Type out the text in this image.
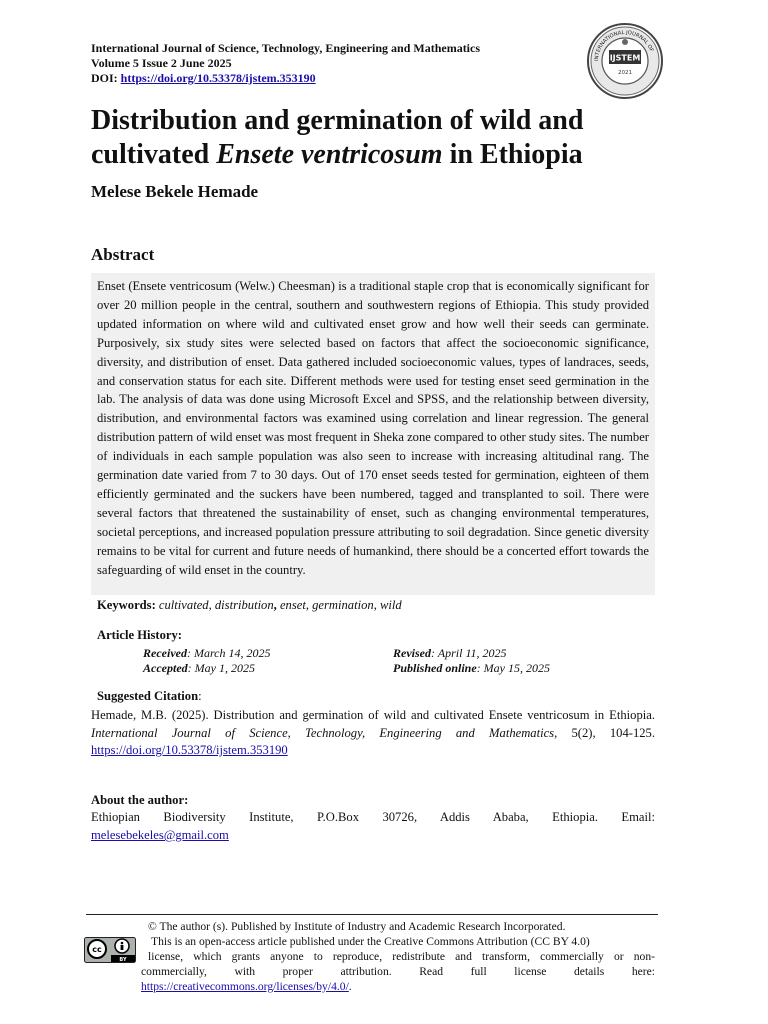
International Journal of Science, Technology, Engineering and Mathematics
Volume 5 Issue 2 June 2025
DOI: https://doi.org/10.53378/ijstem.353190
INTERNATIONAL JOURNAL OF
IJSTEM
2021
Distribution and germination of wild and cultivated Ensete ventricosum in Ethiopia

Melese Bekele Hemade

Abstract
Enset (Ensete ventricosum (Welw.) Cheesman) is a traditional staple crop that is economically significant for over 20 million people in the central, southern and southwestern regions of Ethiopia. This study provided updated information on where wild and cultivated enset grow and how well their seeds can germinate. Purposively, six study sites were selected based on factors that affect the socioeconomic significance, diversity, and distribution of enset. Data gathered included socioeconomic values, types of landraces, seeds, and conservation status for each site. Different methods were used for testing enset seed germination in the lab. The analysis of data was done using Microsoft Excel and SPSS, and the relationship between diversity, distribution, and environmental factors was examined using correlation and linear regression. The general distribution pattern of wild enset was most frequent in Sheka zone compared to other study sites. The number of individuals in each sample population was also seen to increase with increasing altitudinal rang. The germination date varied from 7 to 30 days. Out of 170 enset seeds tested for germination, eighteen of them efficiently germinated and the suckers have been numbered, tagged and transplanted to soil. There were several factors that threatened the sustainability of enset, such as changing environmental temperatures, societal perceptions, and increased population pressure attributing to soil degradation. Since genetic diversity remains to be vital for current and future needs of humankind, there should be a concerted effort towards the safeguarding of wild enset in the country.
Keywords: cultivated, distribution, enset, germination, wild
Article History:
Received: March 14, 2025	Revised: April 11, 2025
Accepted: May 1, 2025	Published online: May 15, 2025
Suggested Citation:
Hemade, M.B. (2025). Distribution and germination of wild and cultivated Ensete ventricosum in Ethiopia. International Journal of Science, Technology, Engineering and Mathematics, 5(2), 104-125. https://doi.org/10.53378/ijstem.353190
About the author:
Ethiopian Biodiversity Institute, P.O.Box 30726, Addis Ababa, Ethiopia. Email:
melesebekeles@gmail.com
© The author (s). Published by Institute of Industry and Academic Research Incorporated.
This is an open-access article published under the Creative Commons Attribution (CC BY 4.0)
license, which grants anyone to reproduce, redistribute and transform, commercially or non-
commercially, with proper attribution. Read full license details here:
https://creativecommons.org/licenses/by/4.0/.
cc
BY
